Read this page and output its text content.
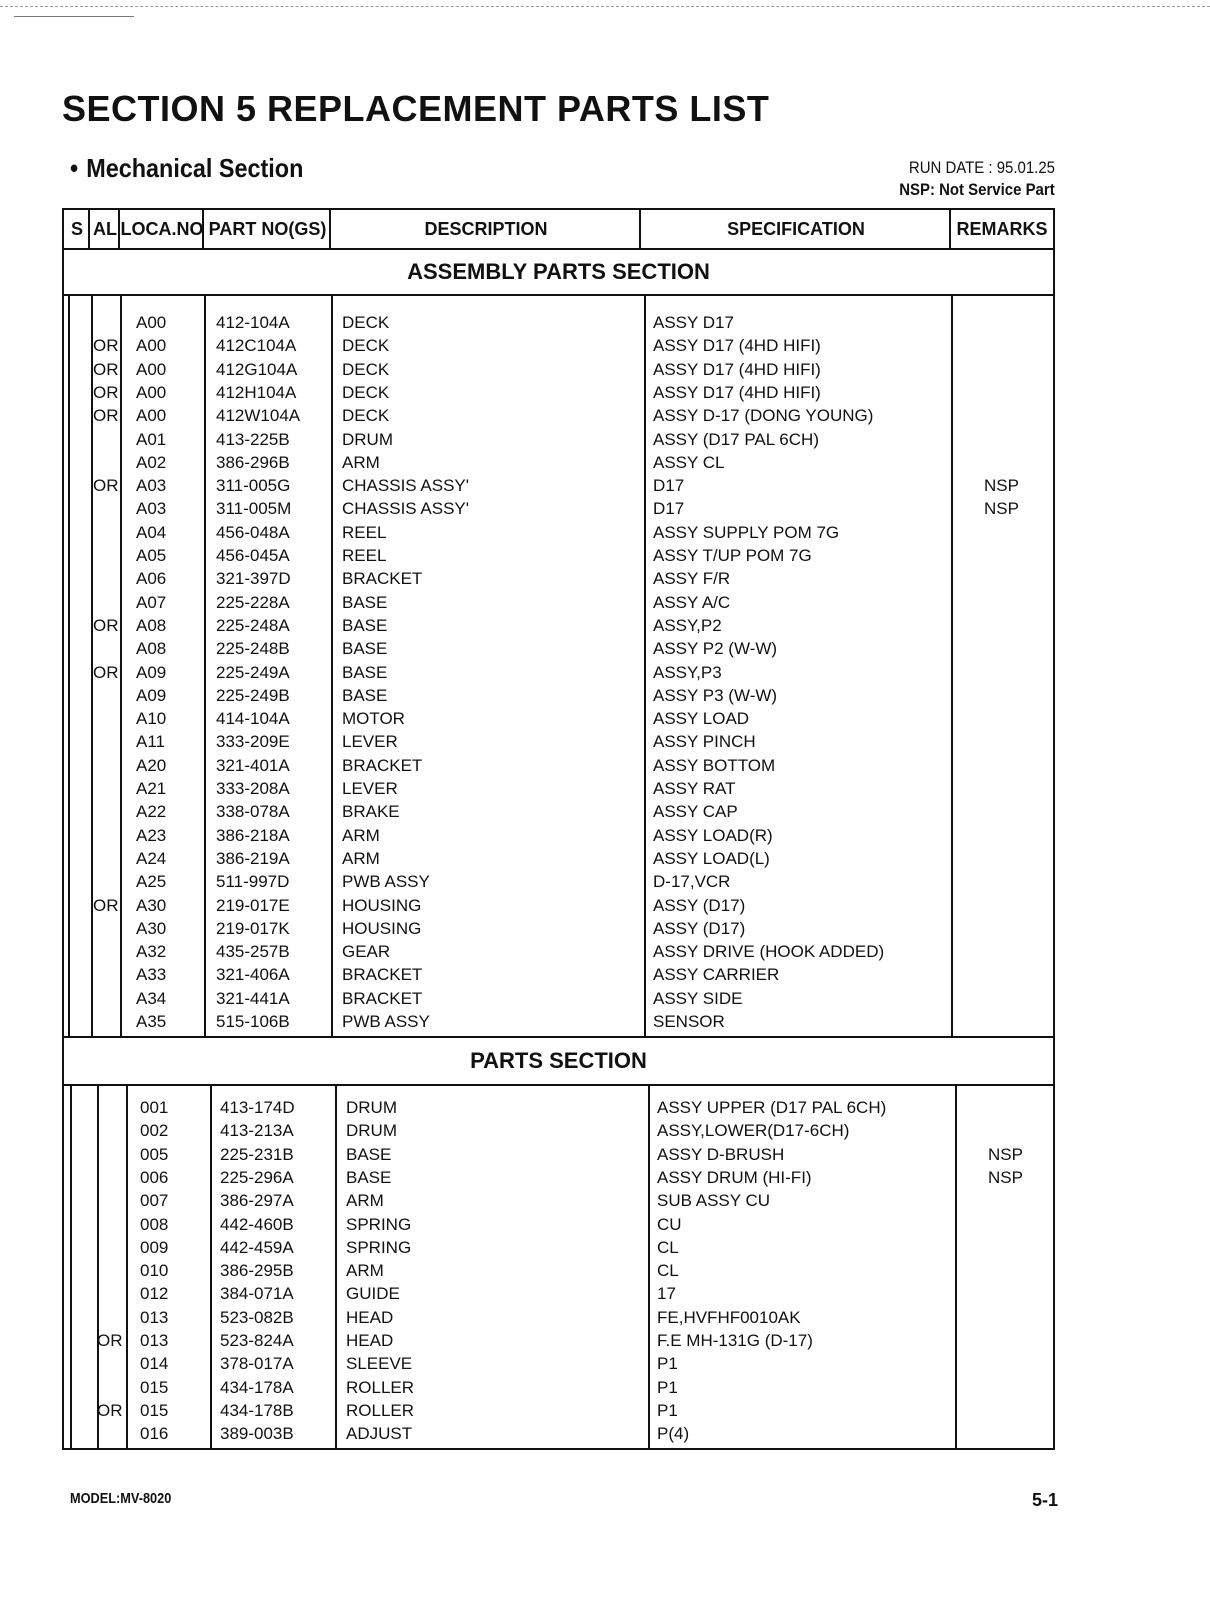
SECTION 5 REPLACEMENT PARTS LIST
• Mechanical Section	RUN DATE : 95.01.25
NSP: Not Service Part
S AL LOCA.NO PART NO(GS)	DESCRIPTION	SPECIFICATION	REMARKS
ASSEMBLY PARTS SECTION
A00	412-104A	DECK	ASSY D17
OR A00	412C104A	DECK	ASSY D17 (4HD HIFI)
OR A00	412G104A	DECK	ASSY D17 (4HD HIFI)
OR A00	412H104A	DECK	ASSY D17 (4HD HIFI)
OR A00	412W104A DECK	ASSY D-17 (DONG YOUNG)
A01	413-225B	DRUM	ASSY (D17 PAL 6CH)
A02	386-296B	ARM	ASSY CL
OR A03	311-005G	CHASSIS ASSY'	D17	NSP
A03	311-005M	CHASSIS ASSY'	D17	NSP
A04	456-048A	REEL	ASSY SUPPLY POM 7G
A05	456-045A	REEL	ASSY T/UP POM 7G
A06	321-397D	BRACKET	ASSY F/R
A07	225-228A	BASE	ASSY A/C
OR A08	225-248A	BASE	ASSY,P2
A08	225-248B	BASE	ASSY P2 (W-W)
OR A09	225-249A	BASE	ASSY,P3
A09	225-249B	BASE	ASSY P3 (W-W)
A10	414-104A	MOTOR	ASSY LOAD
A11	333-209E	LEVER	ASSY PINCH
A20	321-401A	BRACKET	ASSY BOTTOM
A21	333-208A	LEVER	ASSY RAT
A22	338-078A	BRAKE	ASSY CAP
A23	386-218A	ARM	ASSY LOAD(R)
A24	386-219A	ARM	ASSY LOAD(L)
A25	511-997D	PWB ASSY	D-17,VCR
OR A30	219-017E	HOUSING	ASSY (D17)
A30	219-017K	HOUSING	ASSY (D17)
A32	435-257B	GEAR	ASSY DRIVE (HOOK ADDED)
A33	321-406A	BRACKET	ASSY CARRIER
A34	321-441A	BRACKET	ASSY SIDE
A35	515-106B	PWB ASSY	SENSOR
PARTS SECTION
001	413-174D	DRUM	ASSY UPPER (D17 PAL 6CH)
002	413-213A	DRUM	ASSY,LOWER(D17-6CH)
005	225-231B	BASE	ASSY D-BRUSH	NSP
006	225-296A	BASE	ASSY DRUM (HI-FI)	NSP
007	386-297A	ARM	SUB ASSY CU
008	442-460B	SPRING	CU
009	442-459A	SPRING	CL
010	386-295B	ARM	CL
012	384-071A	GUIDE	17
013	523-082B	HEAD	FE,HVFHF0010AK
OR 013	523-824A	HEAD	F.E MH-131G (D-17)
014	378-017A	SLEEVE	P1
015	434-178A	ROLLER	P1
OR 015	434-178B	ROLLER	P1
016	389-003B	ADJUST	P(4)
MODEL:MV-8020	5-1
